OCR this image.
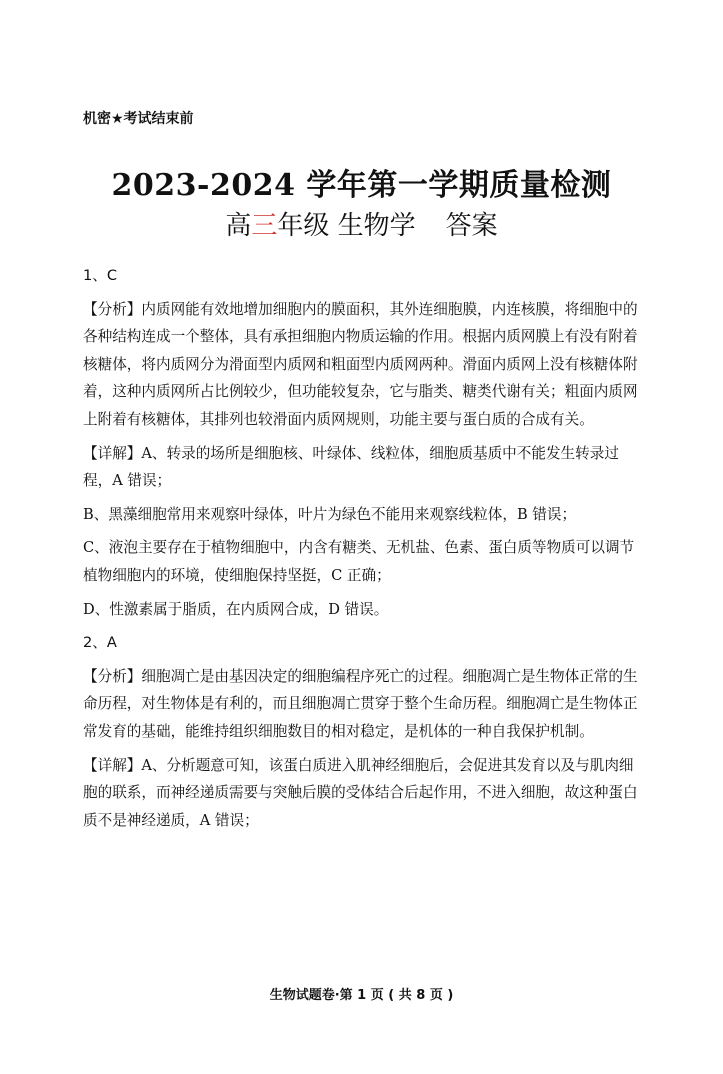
机密★考试结束前
2023-2024 学年第一学期质量检测
高三年级 生物学 答案

1、C

【分析】内质网能有效地增加细胞内的膜面积，其外连细胞膜，内连核膜，将细胞中的各种结构连成一个整体，具有承担细胞内物质运输的作用。根据内质网膜上有没有附着核糖体，将内质网分为滑面型内质网和粗面型内质网两种。滑面内质网上没有核糖体附着，这种内质网所占比例较少，但功能较复杂，它与脂类、糖类代谢有关；粗面内质网上附着有核糖体，其排列也较滑面内质网规则，功能主要与蛋白质的合成有关。

【详解】A、转录的场所是细胞核、叶绿体、线粒体，细胞质基质中不能发生转录过程，A 错误；

B、黑藻细胞常用来观察叶绿体，叶片为绿色不能用来观察线粒体，B 错误；

C、液泡主要存在于植物细胞中，内含有糖类、无机盐、色素、蛋白质等物质可以调节植物细胞内的环境，使细胞保持坚挺，C 正确；

D、性激素属于脂质，在内质网合成，D 错误。

2、A

【分析】细胞凋亡是由基因决定的细胞编程序死亡的过程。细胞凋亡是生物体正常的生命历程，对生物体是有利的，而且细胞凋亡贯穿于整个生命历程。细胞凋亡是生物体正常发育的基础，能维持组织细胞数目的相对稳定，是机体的一种自我保护机制。

【详解】A、分析题意可知，该蛋白质进入肌神经细胞后，会促进其发育以及与肌肉细胞的联系，而神经递质需要与突触后膜的受体结合后起作用，不进入细胞，故这种蛋白质不是神经递质，A 错误；

生物试题卷·第 1 页 ( 共 8 页 )
